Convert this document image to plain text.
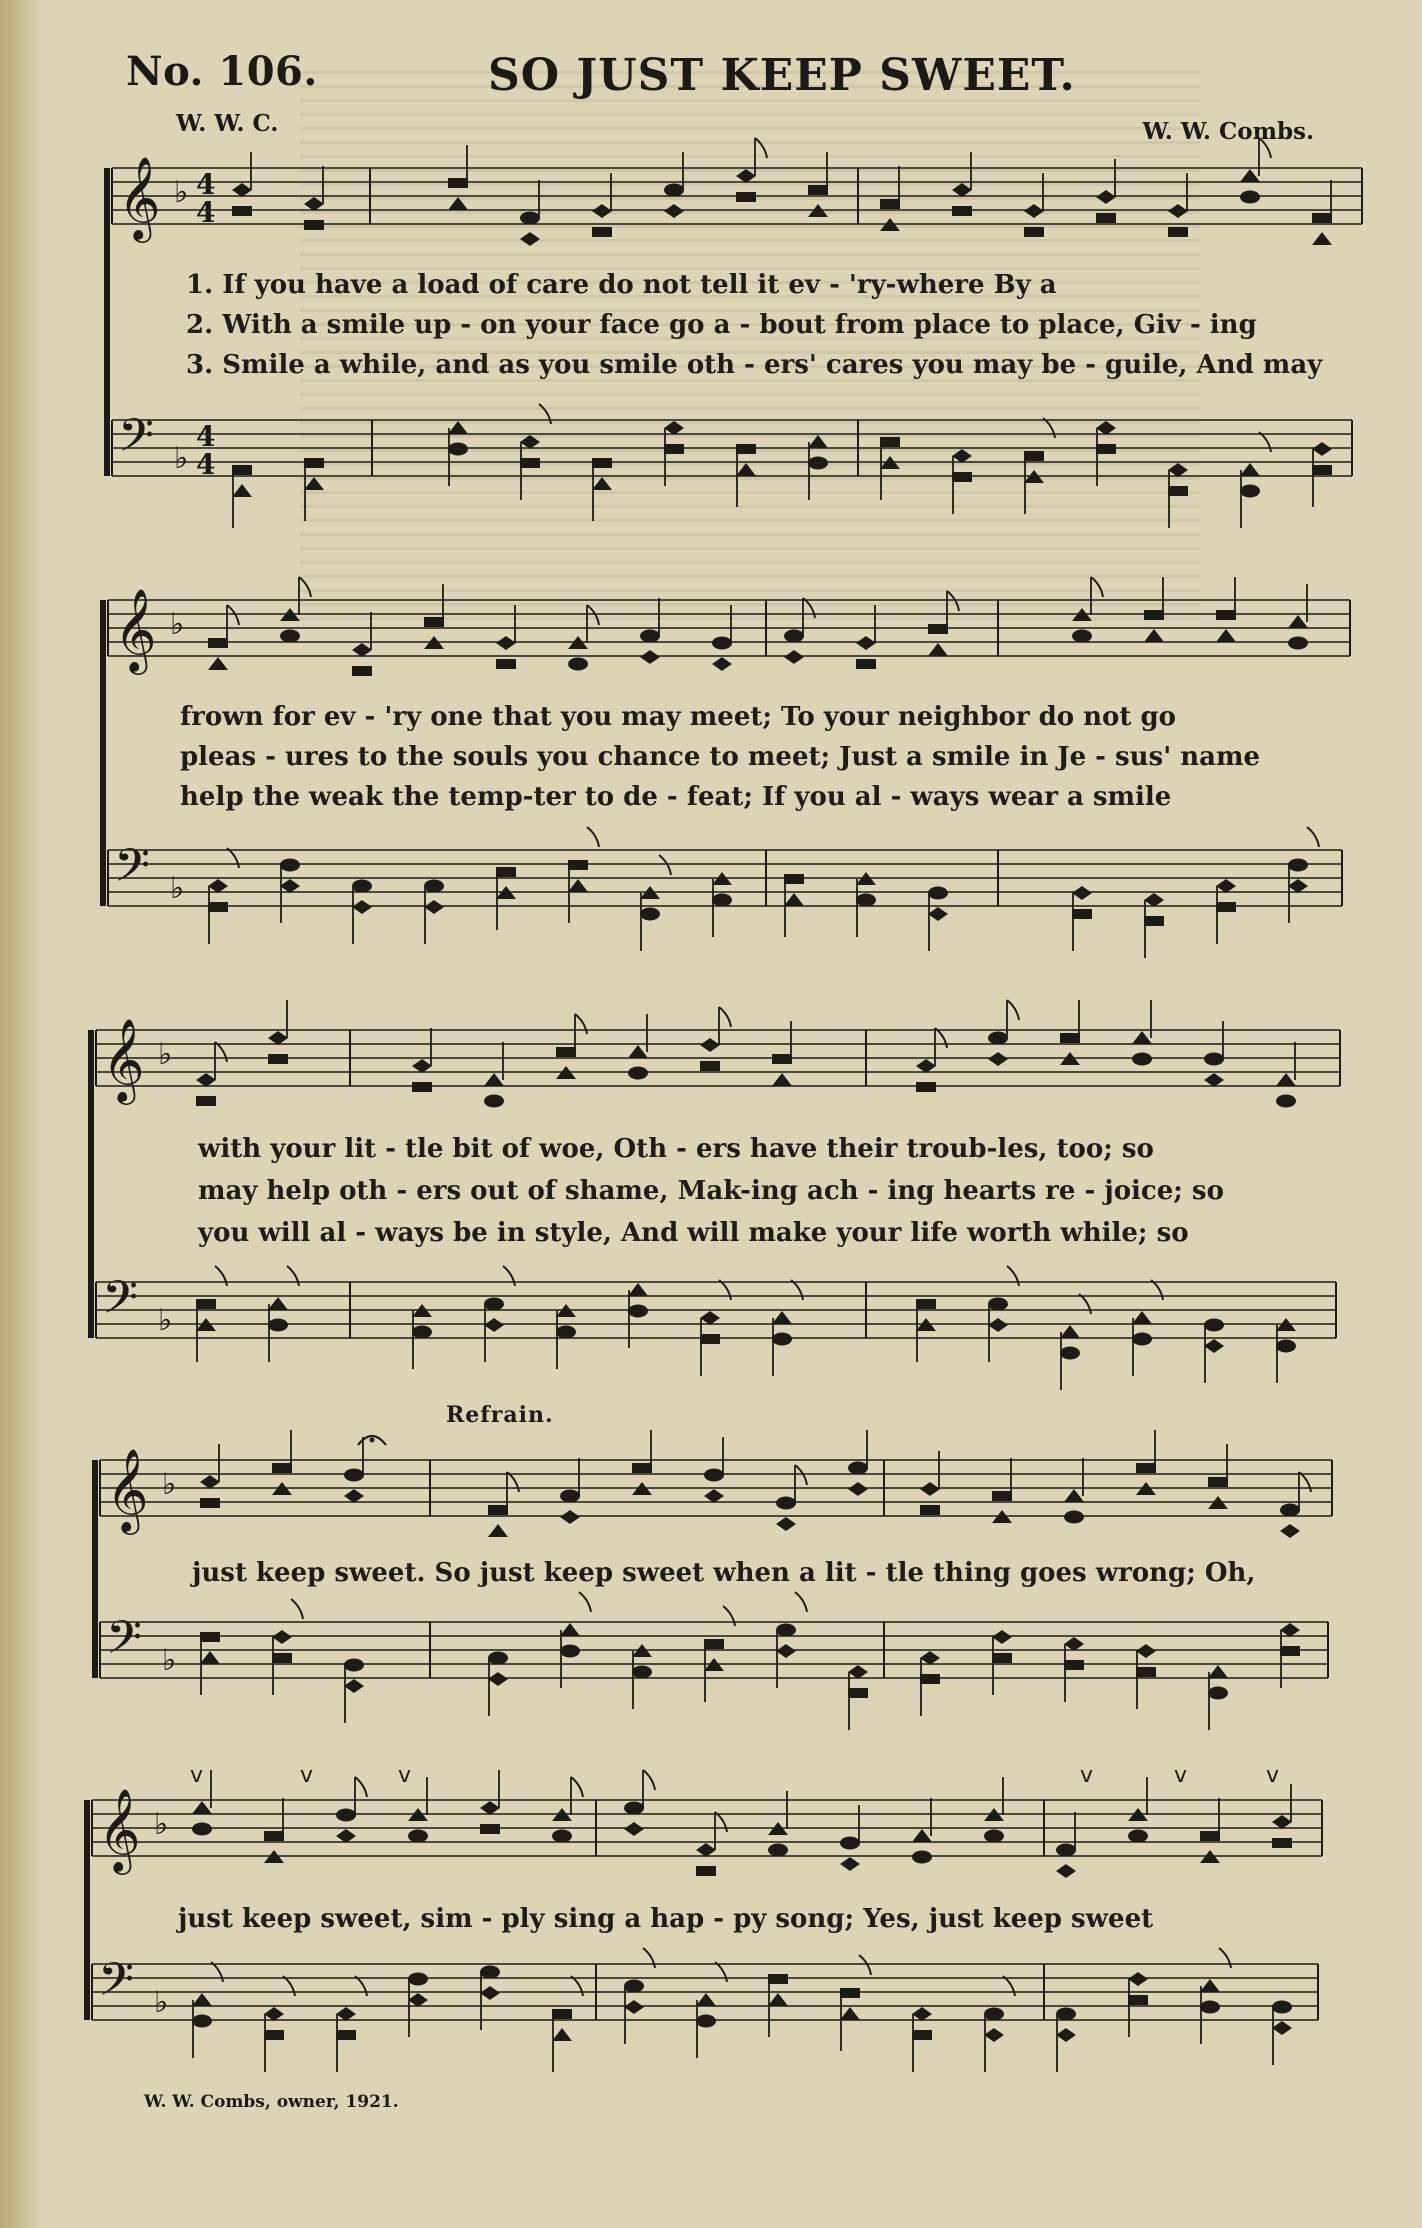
No. 106.	SO JUST KEEP SWEET.
W. W. C.	W. W. Combs.
𝄞 ♭ 4
4
𝄢 ♭
4
4
𝄞 ♭
𝄢 ♭
𝄞 ♭
𝄢 ♭
𝄞 ♭
𝄢 ♭
𝄞 ♭
𝄢 ♭
v	v	v	v	v	v
1. If you have a load of care do not tell it ev - 'ry-where By a
2. With a smile up - on your face go a - bout from place to place, Giv - ing
3. Smile a while, and as you smile oth - ers' cares you may be - guile, And may
frown for ev - 'ry one that you may meet; To your neighbor do not go
pleas - ures to the souls you chance to meet; Just a smile in Je - sus' name
help the weak the temp-ter to de - feat; If you al - ways wear a smile
with your lit - tle bit of woe, Oth - ers have their troub-les, too; so
may help oth - ers out of shame, Mak-ing ach - ing hearts re - joice; so
you will al - ways be in style, And will make your life worth while; so
Refrain.
just keep sweet. So just keep sweet when a lit - tle thing goes wrong; Oh,
just keep sweet, sim - ply sing a hap - py song; Yes, just keep sweet
W. W. Combs, owner, 1921.
